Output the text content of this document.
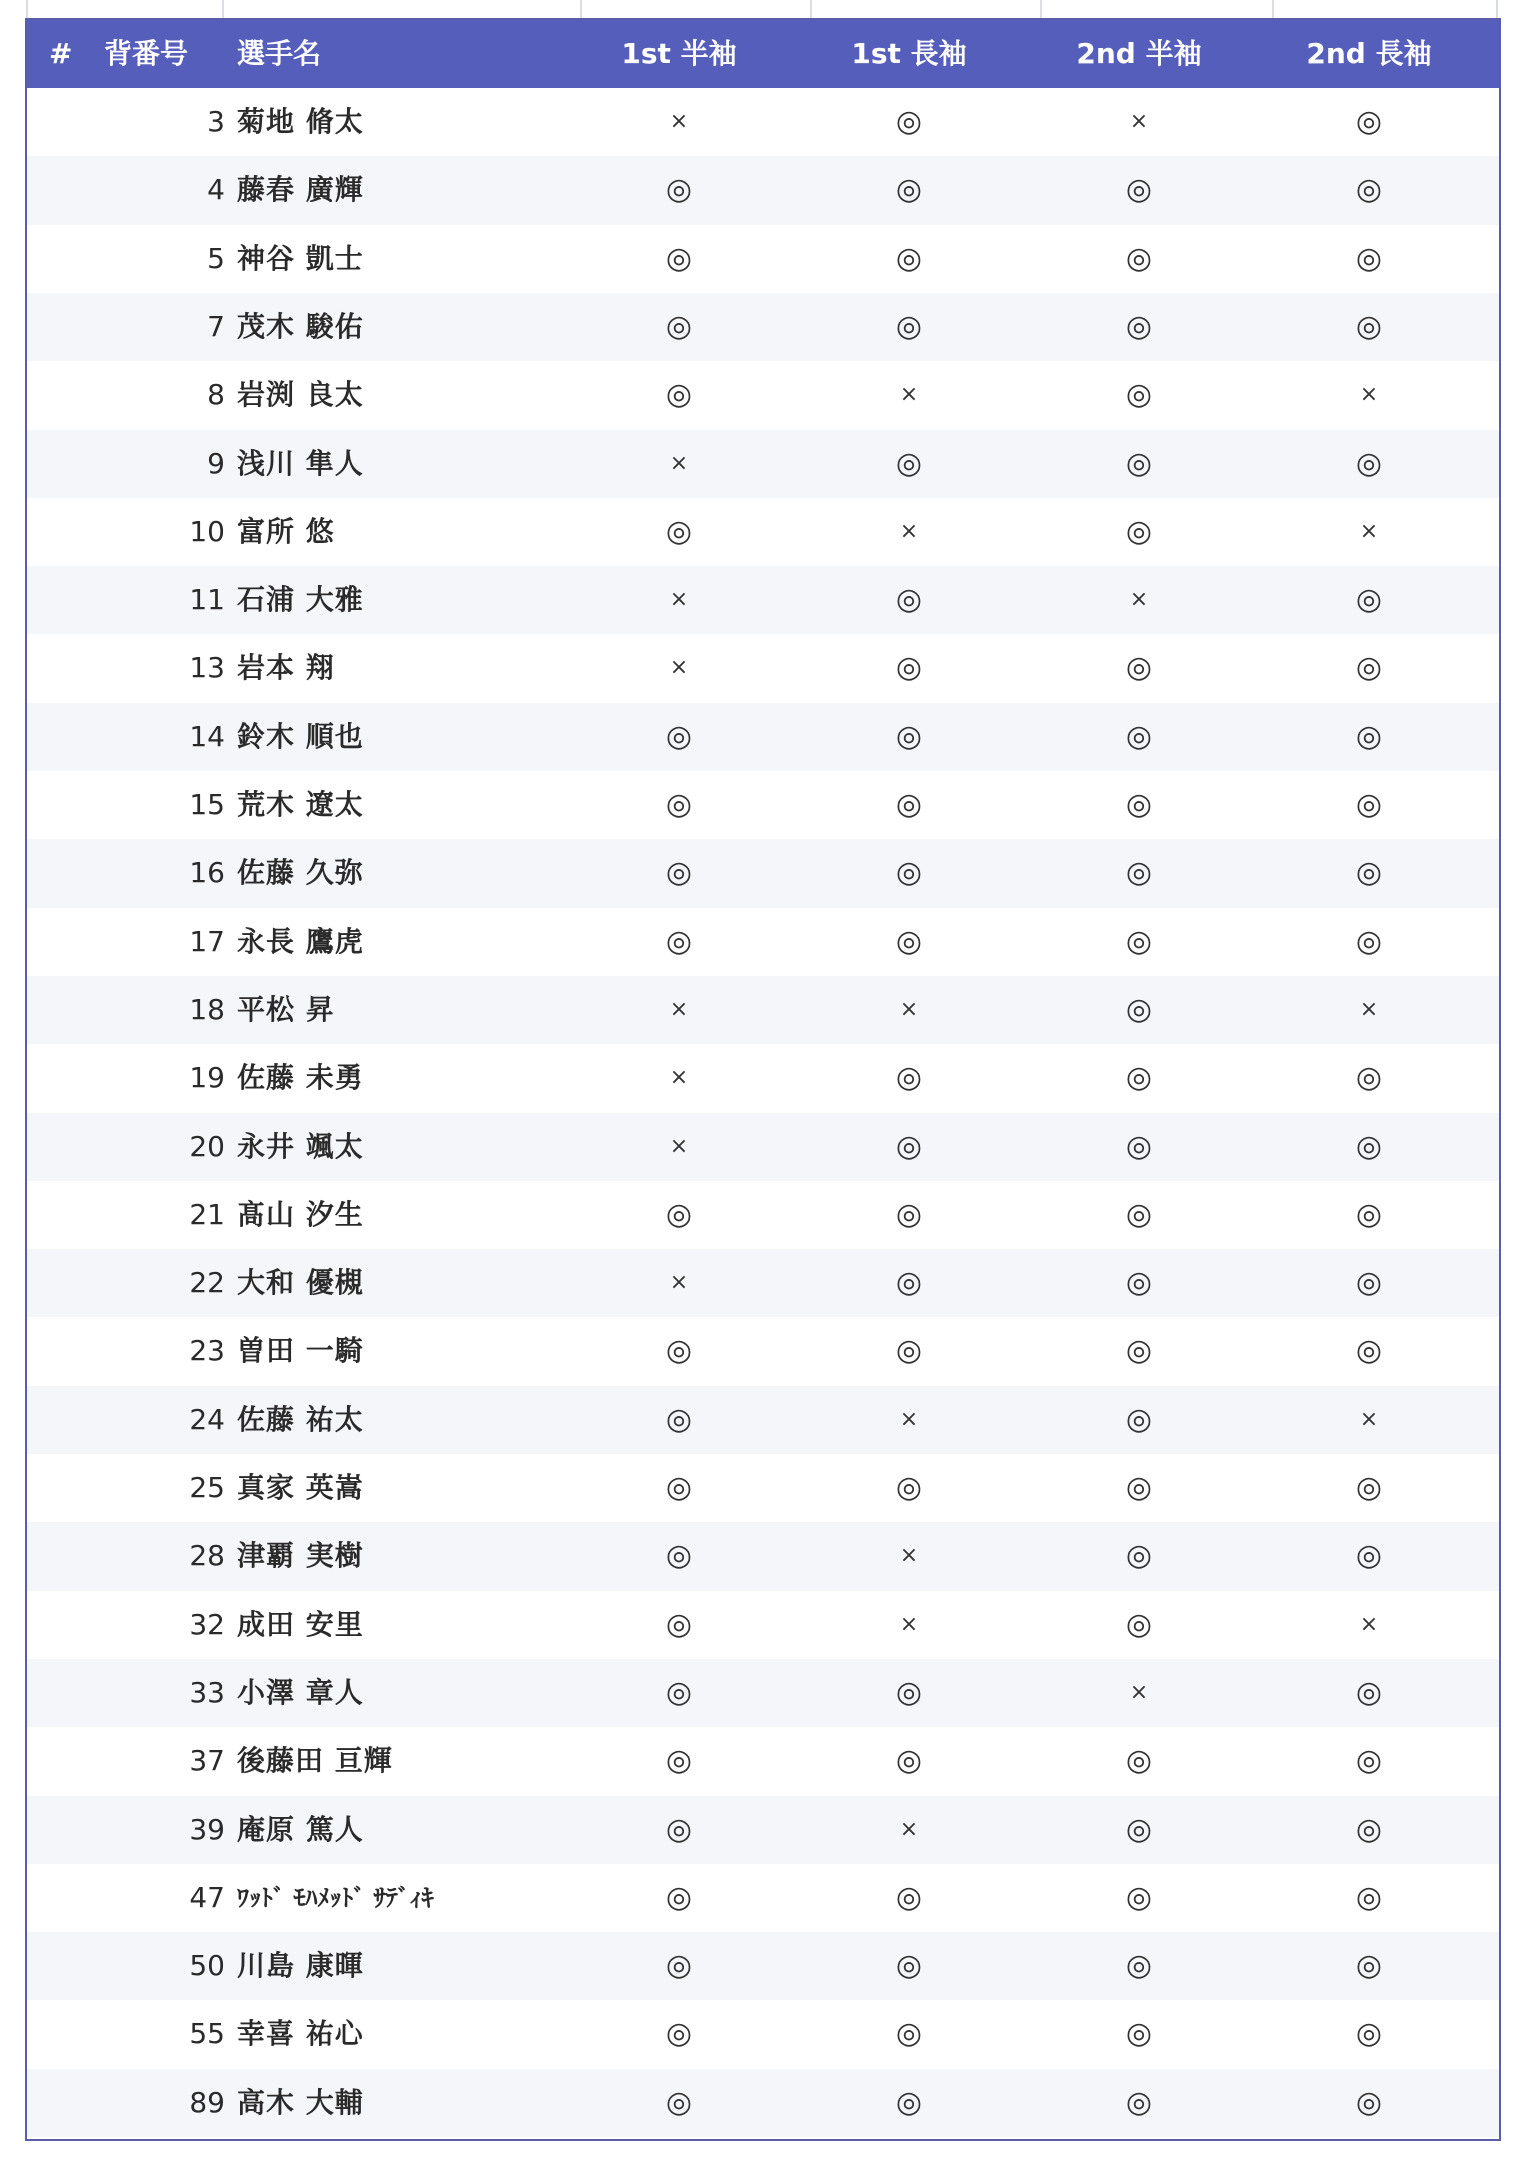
# 背番号 選手名	1st 半袖	1st 長袖	2nd 半袖	2nd 長袖
3 菊地 脩太	×	◎	×	◎
4 藤春 廣輝	◎	◎	◎	◎
5 神谷 凱士	◎	◎	◎	◎
7 茂木 駿佑	◎	◎	◎	◎
8 岩渕 良太	◎	×	◎	×
9 浅川 隼人	×	◎	◎	◎
10 富所 悠	◎	×	◎	×
11 石浦 大雅	×	◎	×	◎
13 岩本 翔	×	◎	◎	◎
14 鈴木 順也	◎	◎	◎	◎
15 荒木 遼太	◎	◎	◎	◎
16 佐藤 久弥	◎	◎	◎	◎
17 永長 鷹虎	◎	◎	◎	◎
18 平松 昇	×	×	◎	×
19 佐藤 未勇	×	◎	◎	◎
20 永井 颯太	×	◎	◎	◎
21 髙山 汐生	◎	◎	◎	◎
22 大和 優槻	×	◎	◎	◎
23 曽田 一騎	◎	◎	◎	◎
24 佐藤 祐太	◎	×	◎	×
25 真家 英嵩	◎	◎	◎	◎
28 津覇 実樹	◎	×	◎	◎
32 成田 安里	◎	×	◎	×
33 小澤 章人	◎	◎	×	◎
37 後藤田 亘輝	◎	◎	◎	◎
39 庵原 篤人	◎	×	◎	◎
47 ﾜｯﾄﾞ ﾓﾊﾒｯﾄﾞ ｻﾃﾞｨｷ	◎	◎	◎	◎
50 川島 康暉	◎	◎	◎	◎
55 幸喜 祐心	◎	◎	◎	◎
89 高木 大輔	◎	◎	◎	◎
